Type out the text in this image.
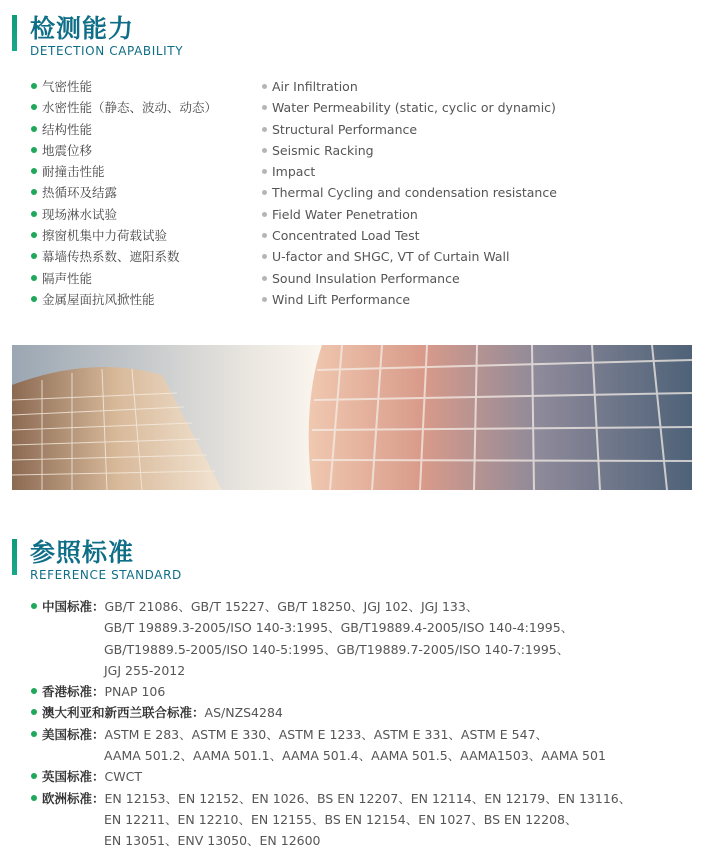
检测能力
DETECTION CAPABILITY
气密性能	Air Infiltration
水密性能（静态、波动、动态）	Water Permeability (static, cyclic or dynamic)
结构性能	Structural Performance
地震位移	Seismic Racking
耐撞击性能	Impact
热循环及结露	Thermal Cycling and condensation resistance
现场淋水试验	Field Water Penetration
擦窗机集中力荷载试验	Concentrated Load Test
幕墙传热系数、遮阳系数	U-factor and SHGC, VT of Curtain Wall
隔声性能	Sound Insulation Performance
金属屋面抗风掀性能	Wind Lift Performance
参照标准
REFERENCE STANDARD
中国标准：GB/T 21086、GB/T 15227、GB/T 18250、JGJ 102、JGJ 133、
GB/T 19889.3-2005/ISO 140-3:1995、GB/T19889.4-2005/ISO 140-4:1995、
GB/T19889.5-2005/ISO 140-5:1995、GB/T19889.7-2005/ISO 140-7:1995、
JGJ 255-2012
香港标准：PNAP 106
澳大利亚和新西兰联合标准：AS/NZS4284
美国标准：ASTM E 283、ASTM E 330、ASTM E 1233、ASTM E 331、ASTM E 547、
AAMA 501.2、AAMA 501.1、AAMA 501.4、AAMA 501.5、AAMA1503、AAMA 501
英国标准：CWCT
欧洲标准：EN 12153、EN 12152、EN 1026、BS EN 12207、EN 12114、EN 12179、EN 13116、
EN 12211、EN 12210、EN 12155、BS EN 12154、EN 1027、BS EN 12208、
EN 13051、ENV 13050、EN 12600
